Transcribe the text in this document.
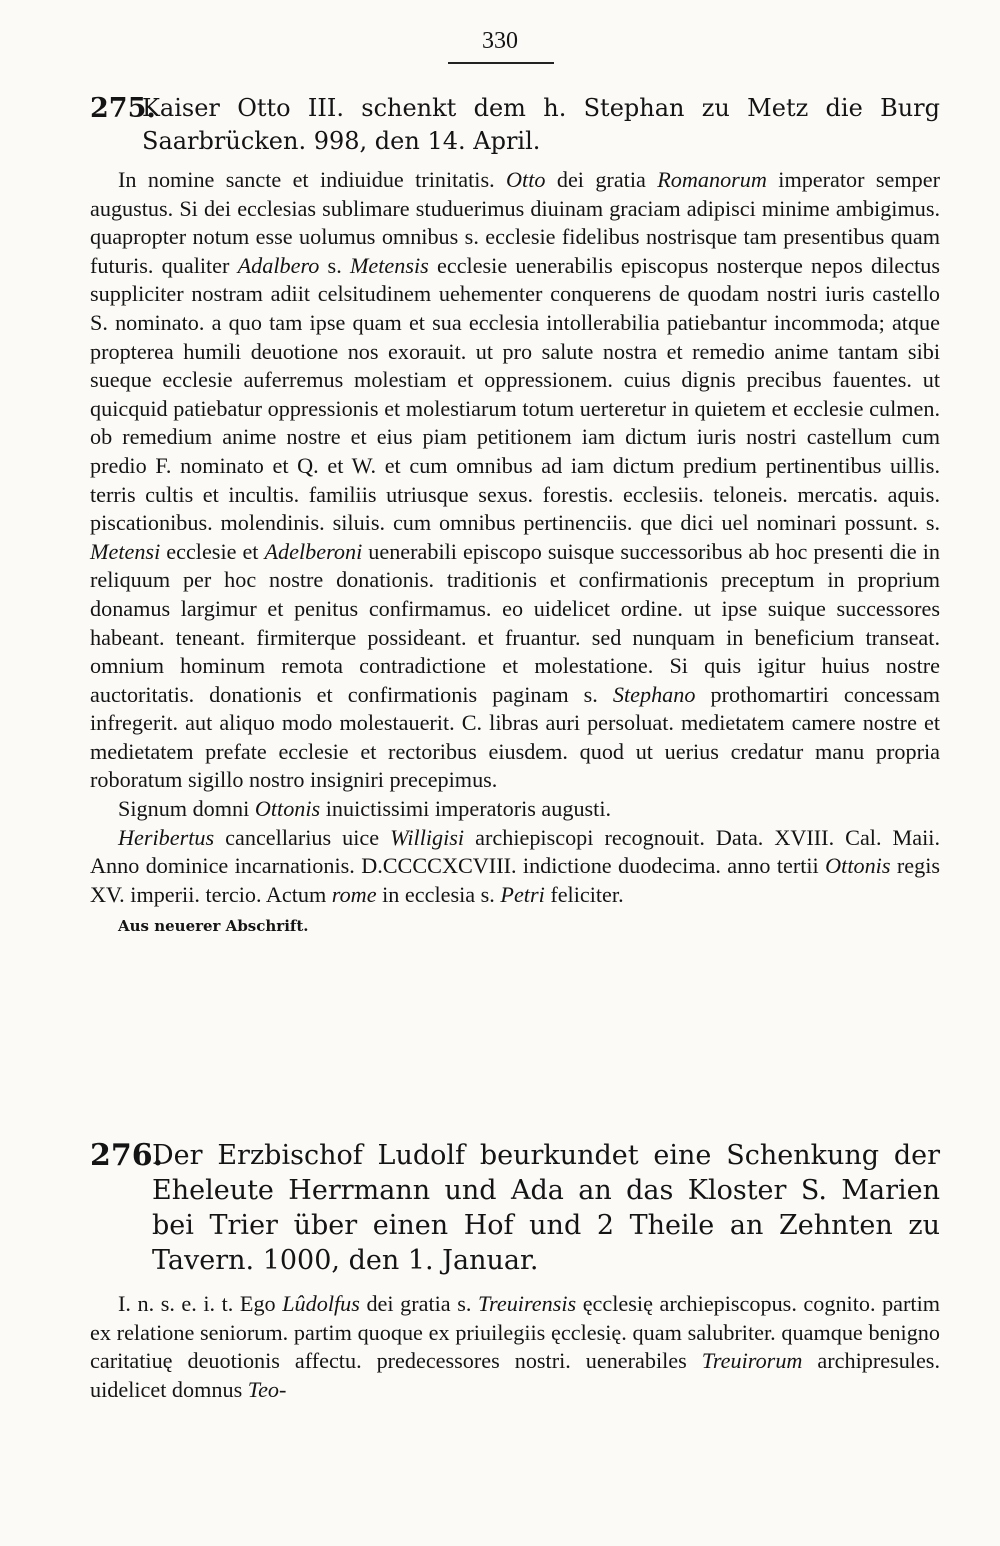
330
275.
Kaiser Otto III. schenkt dem h. Stephan zu Metz die Burg Saarbrücken. 998, den 14. April.

In nomine sancte et indiuidue trinitatis. Otto dei gratia Romanorum imperator semper augustus. Si dei ecclesias sublimare studuerimus diuinam graciam adipisci minime ambigimus. quapropter notum esse uolumus omnibus s. ecclesie fidelibus nostrisque tam presentibus quam futuris. qualiter Adalbero s. Metensis ecclesie uenerabilis episcopus nosterque nepos dilectus suppliciter nostram adiit celsitudinem uehementer conquerens de quodam nostri iuris castello S. nominato. a quo tam ipse quam et sua ecclesia intollerabilia patiebantur incommoda; atque propterea humili deuotione nos exorauit. ut pro salute nostra et remedio anime tantam sibi sueque ecclesie auferremus molestiam et oppressionem. cuius dignis precibus fauentes. ut quicquid patiebatur oppressionis et molestiarum totum uerteretur in quietem et ecclesie culmen. ob remedium anime nostre et eius piam petitionem iam dictum iuris nostri castellum cum predio F. nominato et Q. et W. et cum omnibus ad iam dictum predium pertinentibus uillis. terris cultis et incultis. familiis utriusque sexus. forestis. ecclesiis. teloneis. mercatis. aquis. piscationibus. molendinis. siluis. cum omnibus pertinenciis. que dici uel nominari possunt. s. Metensi ecclesie et Adelberoni uenerabili episcopo suisque successoribus ab hoc presenti die in reliquum per hoc nostre donationis. traditionis et confirmationis preceptum in proprium donamus largimur et penitus confirmamus. eo uidelicet ordine. ut ipse suique successores habeant. teneant. firmiterque possideant. et fruantur. sed nunquam in beneficium transeat. omnium hominum remota contradictione et molestatione. Si quis igitur huius nostre auctoritatis. donationis et confirmationis paginam s. Stephano prothomartiri concessam infregerit. aut aliquo modo molestauerit. C. libras auri persoluat. medietatem camere nostre et medietatem prefate ecclesie et rectoribus eiusdem. quod ut uerius credatur manu propria roboratum sigillo nostro insigniri precepimus.

Signum domni Ottonis inuictissimi imperatoris augusti.

Heribertus cancellarius uice Willigisi archiepiscopi recognouit. Data. XVIII. Cal. Maii. Anno dominice incarnationis. D.CCCCXCVIII. indictione duodecima. anno tertii Ottonis regis XV. imperii. tercio. Actum rome in ecclesia s. Petri feliciter.

Aus neuerer Abschrift.
276.
Der Erzbischof Ludolf beurkundet eine Schenkung der Eheleute Herrmann und Ada an das Kloster S. Marien bei Trier über einen Hof und 2 Theile an Zehnten zu Tavern. 1000, den 1. Januar.

I. n. s. e. i. t. Ego Lûdolfus dei gratia s. Treuirensis ęcclesię archiepiscopus. cognito. partim ex relatione seniorum. partim quoque ex priuilegiis ęcclesię. quam salubriter. quamque benigno caritatiuę deuotionis affectu. predecessores nostri. uenerabiles Treuirorum archipresules. uidelicet domnus Teo-
